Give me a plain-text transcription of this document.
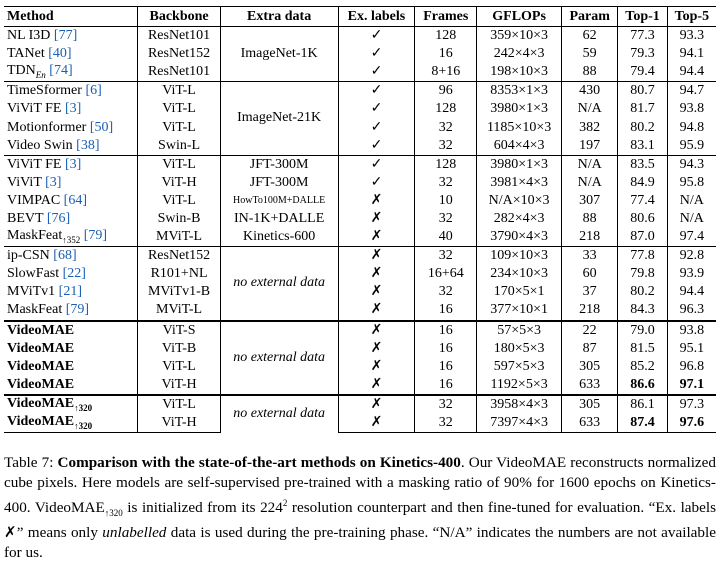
Method	Backbone	Extra data	Ex. labels	Frames	GFLOPs	Param	Top-1	Top-5
NL I3D [77]	ResNet101	ImageNet-1K	✓	128	359×10×3	62	77.3	93.3
TANet [40]	ResNet152		✓	16	242×4×3	59	79.3	94.1
$TDN_{En}$ [74]	ResNet101		✓	8+16	198×10×3	88	79.4	94.4
TimeSformer [6]	ViT-L	ImageNet-21K	✓	96	8353×1×3	430	80.7	94.7
ViViT FE [3]	ViT-L		✓	128	3980×1×3	N/A	81.7	93.8
Motionformer [50]	ViT-L		✓	32	1185×10×3	382	80.2	94.8
Video Swin [38]	Swin-L		✓	32	604×4×3	197	83.1	95.9
ViViT FE [3]	ViT-L	JFT-300M	✓	128	3980×1×3	N/A	83.5	94.3
ViViT [3]	ViT-H	JFT-300M	✓	32	3981×4×3	N/A	84.9	95.8
VIMPAC [64]	ViT-L	HowTo100M+DALLE	✗	10	N/A×10×3	307	77.4	N/A
BEVT [76]	Swin-B	IN-1K+DALLE	✗	32	282×4×3	88	80.6	N/A
MaskFeat$_{↑352}$ [79]	MViT-L	Kinetics-600	✗	40	3790×4×3	218	87.0	97.4
ip-CSN [68]	ResNet152	no external data	✗	32	109×10×3	33	77.8	92.8
SlowFast [22]	R101+NL		✗	16+64	234×10×3	60	79.8	93.9
MViTv1 [21]	MViTv1-B		✗	32	170×5×1	37	80.2	94.4
MaskFeat [79]	MViT-L		✗	16	377×10×1	218	84.3	96.3
VideoMAE	ViT-S	no external data	✗	16	57×5×3	22	79.0	93.8
VideoMAE	ViT-B		✗	16	180×5×3	87	81.5	95.1
VideoMAE	ViT-L		✗	16	597×5×3	305	85.2	96.8
VideoMAE	ViT-H		✗	16	1192×5×3	633	86.6	97.1
VideoMAE$_{↑320}$	ViT-L	no external data	✗	32	3958×4×3	305	86.1	97.3
VideoMAE$_{↑320}$	ViT-H		✗	32	7397×4×3	633	87.4	97.6

Table 7: Comparison with the state-of-the-art methods on Kinetics-400. Our VideoMAE reconstructs normalized cube pixels. Here models are self-supervised pre-trained with a masking ratio of 90% for 1600 epochs on Kinetics-400. VideoMAE$_{↑320}$ is initialized from its $224^2$ resolution counterpart and then fine-tuned for evaluation. “Ex. labels ✗” means only unlabelled data is used during the pre-training phase. “N/A” indicates the numbers are not available for us.
